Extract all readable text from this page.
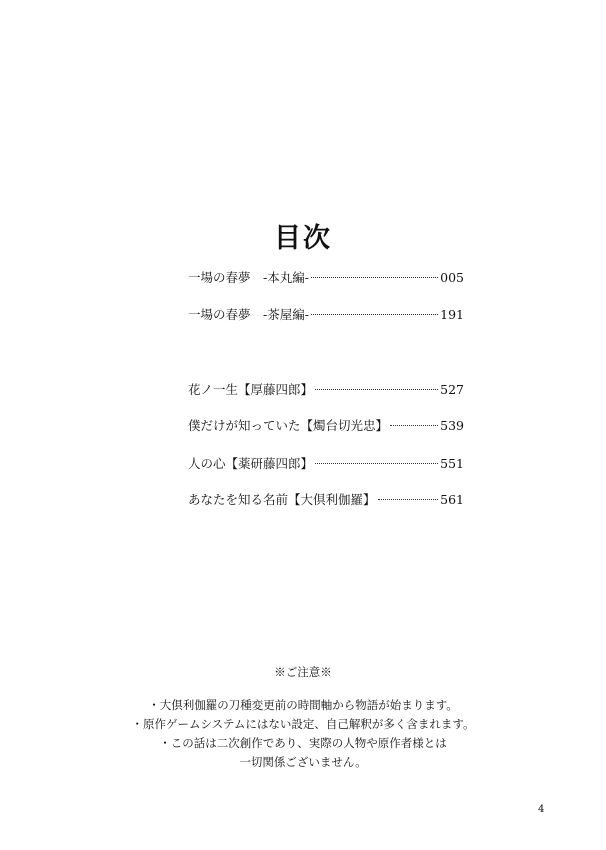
目次
一場の春夢　-本丸編-	005
一場の春夢　-茶屋編-	191
花ノ一生【厚藤四郎】	527
僕だけが知っていた【燭台切光忠】	539
人の心【薬研藤四郎】	551
あなたを知る名前【大倶利伽羅】	561
※ご注意※
・大倶利伽羅の刀種変更前の時間軸から物語が始まります。
・原作ゲームシステムにはない設定、自己解釈が多く含まれます。
・この話は二次創作であり、実際の人物や原作者様とは
一切関係ございません。
4
